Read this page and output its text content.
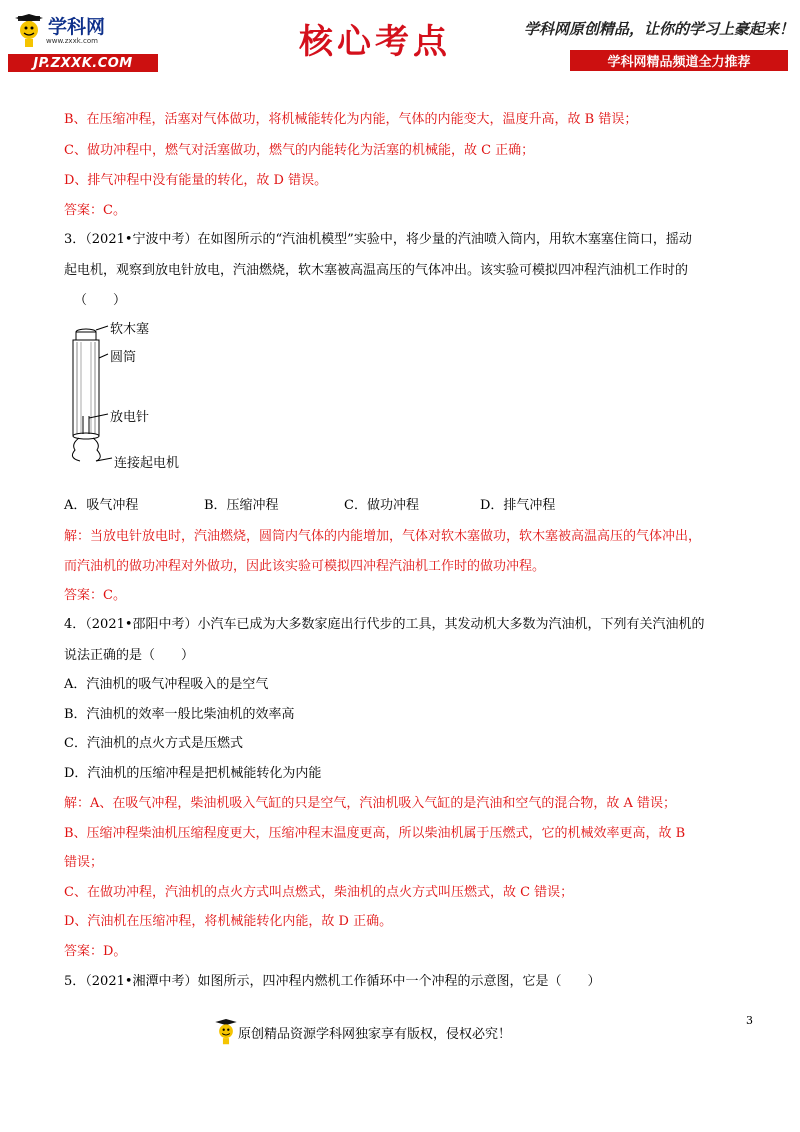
学科网
www.zxxk.com
JP.ZXXK.COM
核心考点	学科网原创精品，让你的学习上豪起来！
学科网精品频道全力推荐
B、在压缩冲程，活塞对气体做功，将机械能转化为内能，气体的内能变大，温度升高，故 B 错误；
C、做功冲程中，燃气对活塞做功，燃气的内能转化为活塞的机械能，故 C 正确；
D、排气冲程中没有能量的转化，故 D 错误。
答案：C。
3．（2021•宁波中考）在如图所示的“汽油机模型”实验中，将少量的汽油喷入筒内，用软木塞塞住筒口，摇动
起电机，观察到放电针放电，汽油燃烧，软木塞被高温高压的气体冲出。该实验可模拟四冲程汽油机工作时的
（　　）
软木塞
圆筒
放电针
连接起电机
A．吸气冲程	B．压缩冲程	C．做功冲程	D．排气冲程
解：当放电针放电时，汽油燃烧，圆筒内气体的内能增加，气体对软木塞做功，软木塞被高温高压的气体冲出，
而汽油机的做功冲程对外做功，因此该实验可模拟四冲程汽油机工作时的做功冲程。
答案：C。
4．（2021•邵阳中考）小汽车已成为大多数家庭出行代步的工具，其发动机大多数为汽油机，下列有关汽油机的
说法正确的是（　　）
A．汽油机的吸气冲程吸入的是空气
B．汽油机的效率一般比柴油机的效率高
C．汽油机的点火方式是压燃式
D．汽油机的压缩冲程是把机械能转化为内能
解：A、在吸气冲程，柴油机吸入气缸的只是空气，汽油机吸入气缸的是汽油和空气的混合物，故 A 错误；
B、压缩冲程柴油机压缩程度更大，压缩冲程末温度更高，所以柴油机属于压燃式，它的机械效率更高，故 B
错误；
C、在做功冲程，汽油机的点火方式叫点燃式，柴油机的点火方式叫压燃式，故 C 错误；
D、汽油机在压缩冲程，将机械能转化内能，故 D 正确。
答案：D。
5．（2021•湘潭中考）如图所示，四冲程内燃机工作循环中一个冲程的示意图，它是（　　）
3
原创精品资源学科网独家享有版权，侵权必究！
